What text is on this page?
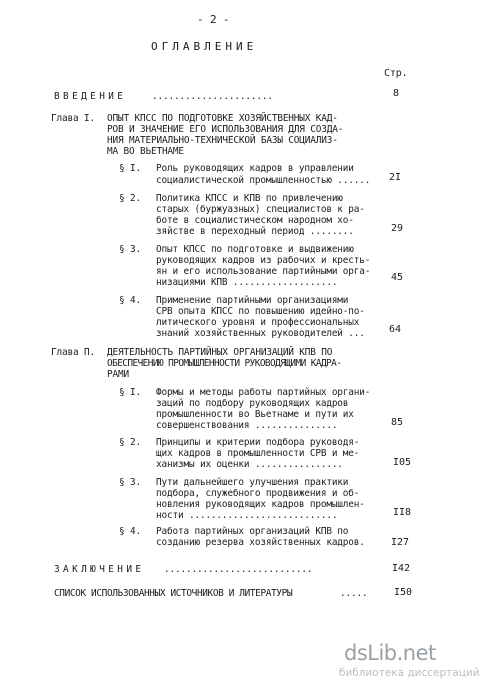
- 2 -
ОГЛАВЛЕНИЕ
Стр.
ВВЕДЕНИЕ	......................	8
Глава I. ОПЫТ КПСС ПО ПОДГОТОВКЕ ХОЗЯЙСТВЕННЫХ КАД-
РОВ И ЗНАЧЕНИЕ ЕГО ИСПОЛЬЗОВАНИЯ ДЛЯ СОЗДА-
НИЯ МАТЕРИАЛЬНО-ТЕХНИЧЕСКОЙ БАЗЫ СОЦИАЛИЗ-
МА ВО ВЬЕТНАМЕ
§ I. Роль руководящих кадров в управлении
социалистической промышленностью ...... 2I
§ 2. Политика КПСС и КПВ по привлечению
старых (буржуазных) специалистов к ра-
боте в социалистическом народном хо-
зяйстве в переходный период ........	29
§ 3. Опыт КПСС по подготовке и выдвижению
руководящих кадров из рабочих и кресть-
ян и его использование партийными орга-
низациями КПВ ...................	45
§ 4. Применение партийными организациями
СРВ опыта КПСС по повышению идейно-по-
литического уровня и профессиональных
знаний хозяйственных руководителей ... 64
Глава П. ДЕЯТЕЛЬНОСТЬ ПАРТИЙНЫХ ОРГАНИЗАЦИЙ КПВ ПО
ОБЕСПЕЧЕНИЮ ПРОМЫШЛЕННОСТИ РУКОВОДЯЩИМИ КАДРА-
РАМИ
§ I. Формы и методы работы партийных органи-
заций по подбору руководящих кадров
промышленности во Вьетнаме и пути их
совершенствования ...............	85
§ 2. Принципы и критерии подбора руководя-
щих кадров в промышленности СРВ и ме-
ханизмы их оценки ................	I05
§ 3. Пути дальнейшего улучшения практики
подбора, служебного продвижения и об-
новления руководящих кадров промышлен-
ности ...........................	II8
§ 4. Работа партийных организаций КПВ по
созданию резерва хозяйственных кадров.	I27
ЗАКЛЮЧЕНИЕ ...........................	I42
СПИСОК ИСПОЛЬЗОВАННЫХ ИСТОЧНИКОВ И ЛИТЕРАТУРЫ	.....	I50
dsLib.net
библиотека диссертаций
